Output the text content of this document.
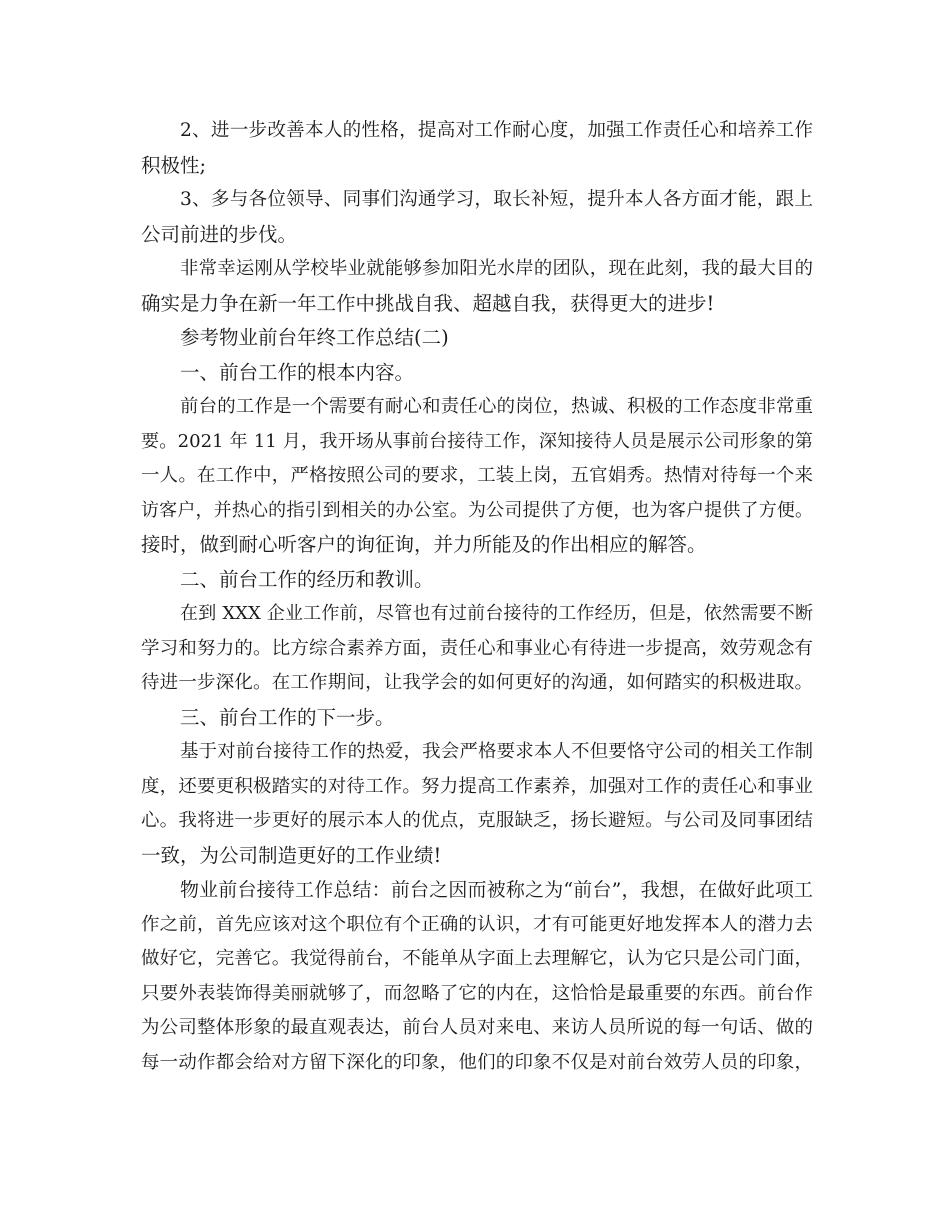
2、进一步改善本人的性格，提高对工作耐心度，加强工作责任心和培养工作
积极性;
3、多与各位领导、同事们沟通学习，取长补短，提升本人各方面才能，跟上
公司前进的步伐。
非常幸运刚从学校毕业就能够参加阳光水岸的团队，现在此刻，我的最大目的
确实是力争在新一年工作中挑战自我、超越自我，获得更大的进步!
参考物业前台年终工作总结(二)
一、前台工作的根本内容。
前台的工作是一个需要有耐心和责任心的岗位，热诚、积极的工作态度非常重
要。2021 年 11 月，我开场从事前台接待工作，深知接待人员是展示公司形象的第
一人。在工作中，严格按照公司的要求，工装上岗，五官娟秀。热情对待每一个来
访客户，并热心的指引到相关的办公室。为公司提供了方便，也为客户提供了方便。
接时，做到耐心听客户的询征询，并力所能及的作出相应的解答。
二、前台工作的经历和教训。
在到 XXX 企业工作前，尽管也有过前台接待的工作经历，但是，依然需要不断
学习和努力的。比方综合素养方面，责任心和事业心有待进一步提高，效劳观念有
待进一步深化。在工作期间，让我学会的如何更好的沟通，如何踏实的积极进取。
三、前台工作的下一步。
基于对前台接待工作的热爱，我会严格要求本人不但要恪守公司的相关工作制
度，还要更积极踏实的对待工作。努力提高工作素养，加强对工作的责任心和事业
心。我将进一步更好的展示本人的优点，克服缺乏，扬长避短。与公司及同事团结
一致，为公司制造更好的工作业绩!
物业前台接待工作总结：前台之因而被称之为“前台”，我想，在做好此项工
作之前，首先应该对这个职位有个正确的认识，才有可能更好地发挥本人的潜力去
做好它，完善它。我觉得前台，不能单从字面上去理解它，认为它只是公司门面，
只要外表装饰得美丽就够了，而忽略了它的内在，这恰恰是最重要的东西。前台作
为公司整体形象的最直观表达，前台人员对来电、来访人员所说的每一句话、做的
每一动作都会给对方留下深化的印象，他们的印象不仅是对前台效劳人员的印象，
